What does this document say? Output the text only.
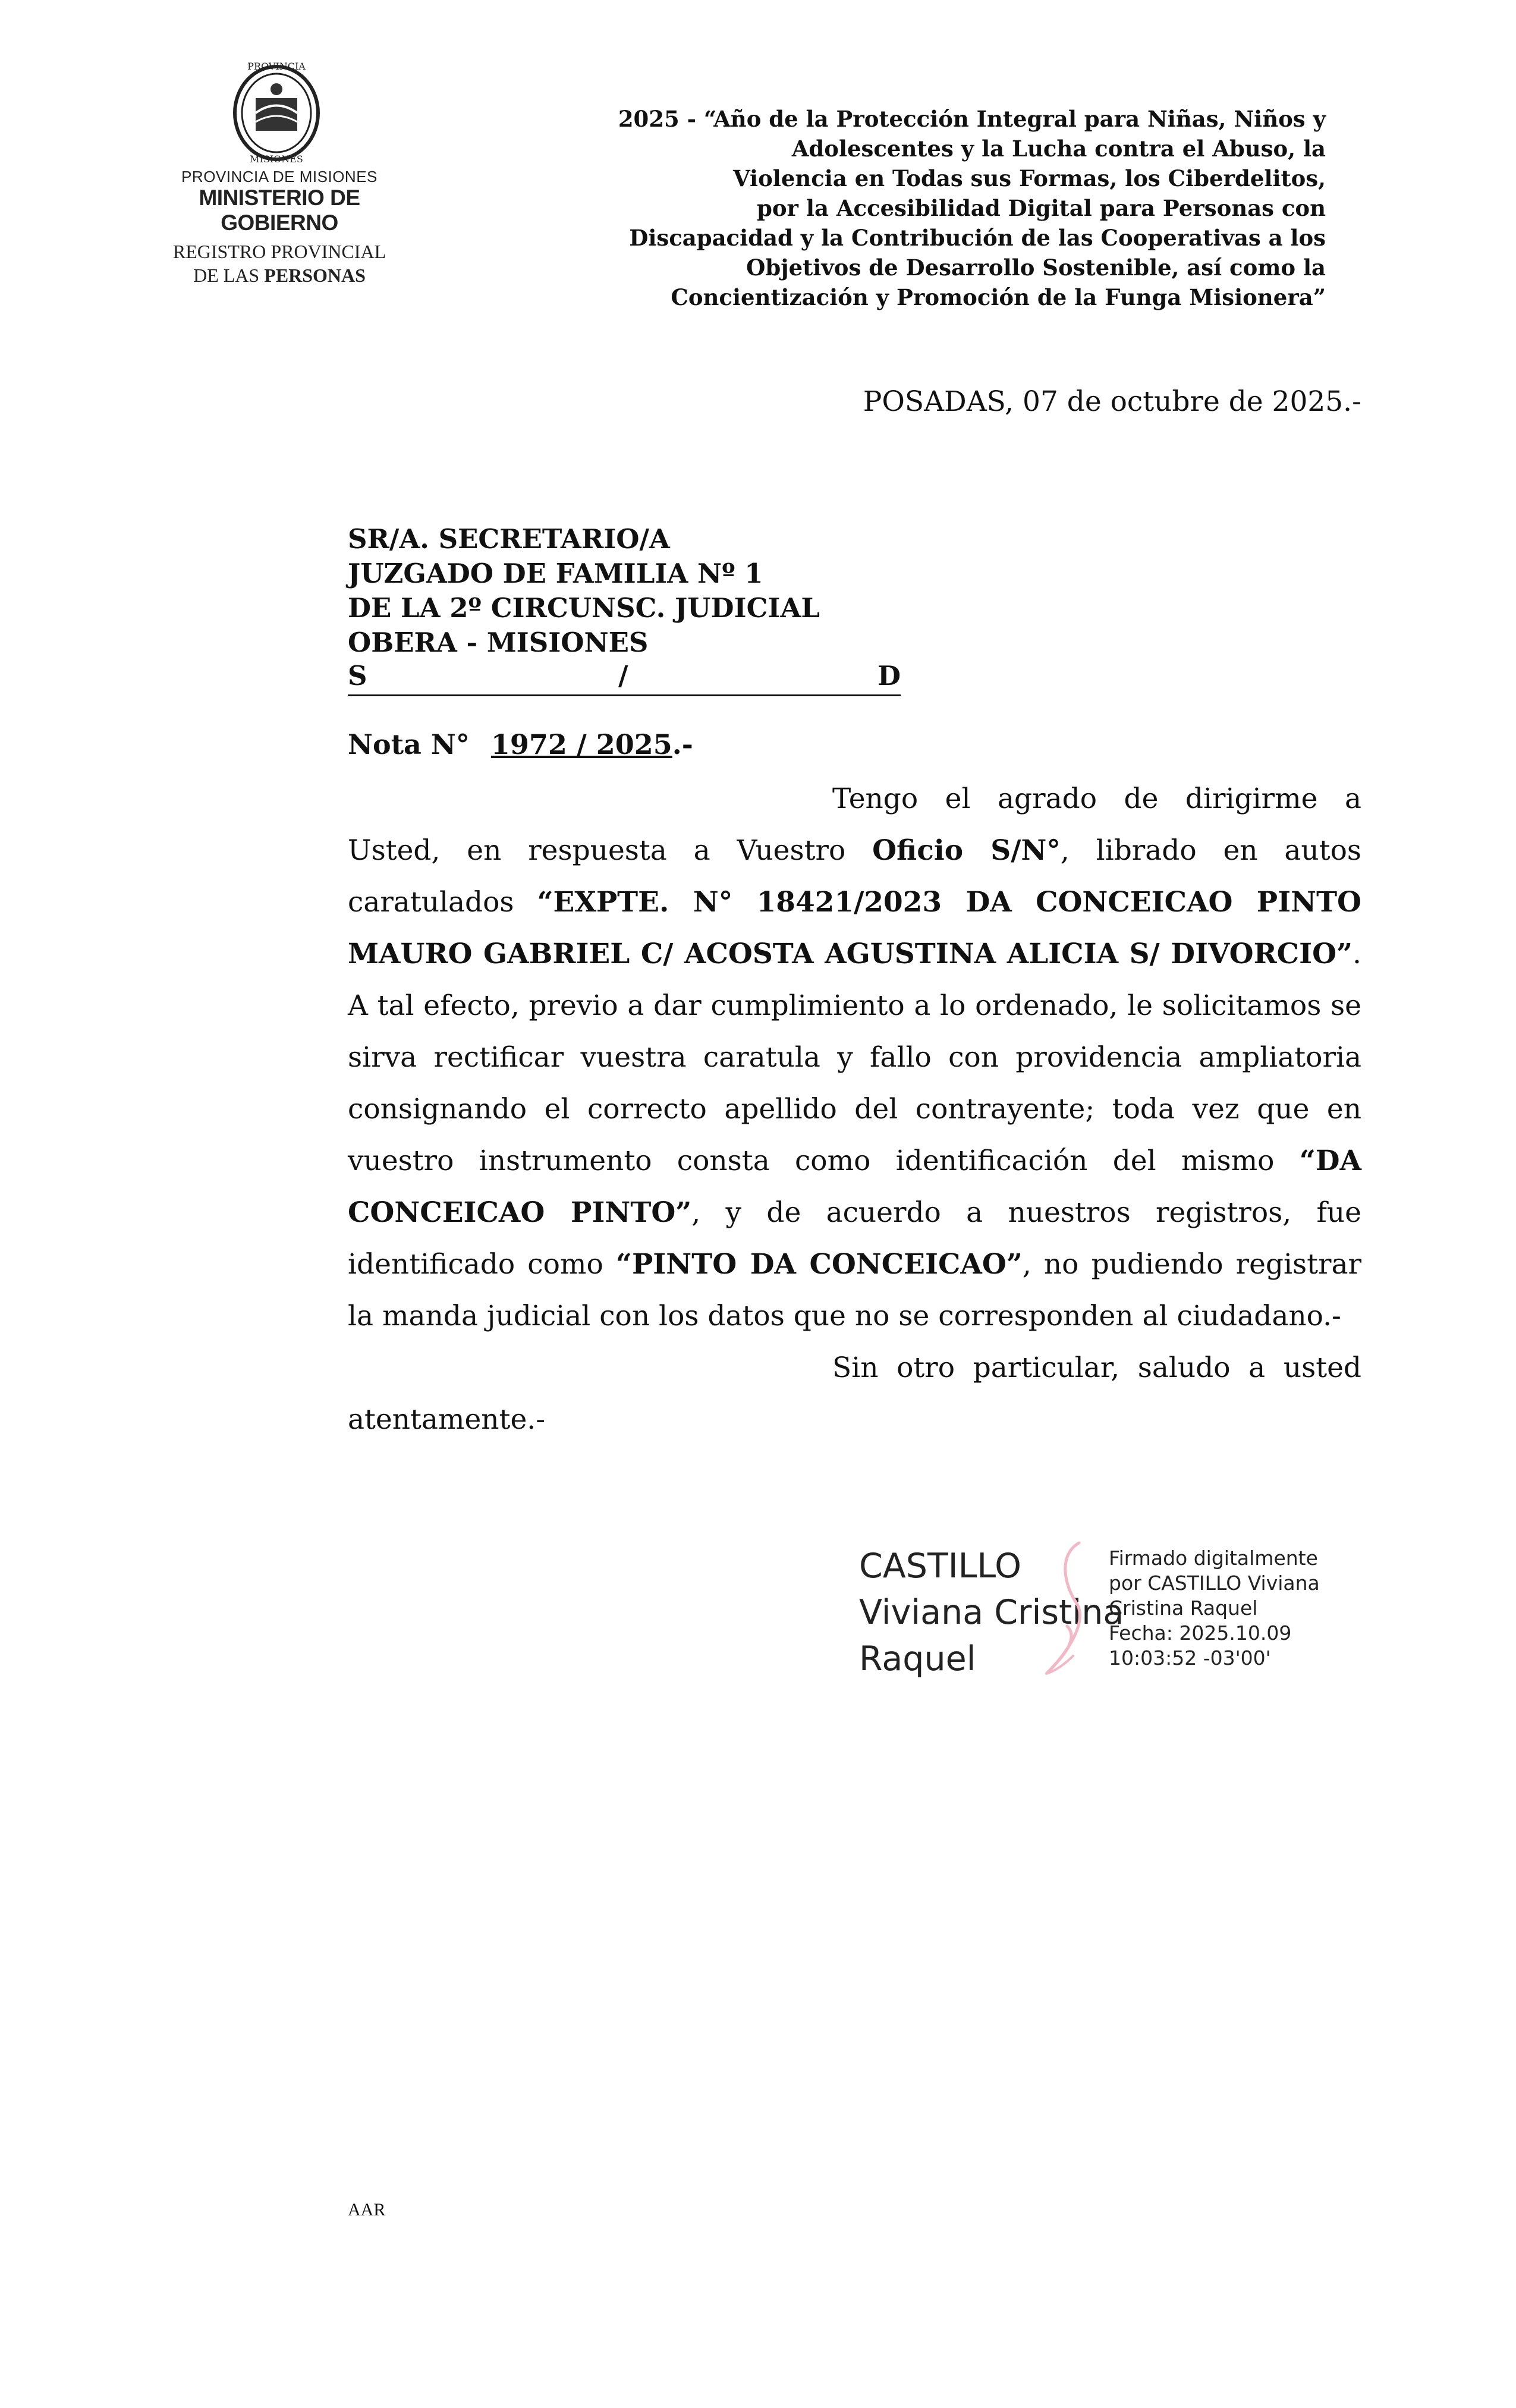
PROVINCIA
MISIONES
PROVINCIA DE MISIONES
MINISTERIO DE GOBIERNO
REGISTRO PROVINCIAL
DE LAS PERSONAS
2025 - “Año de la Protección Integral para Niñas, Niños y
Adolescentes y la Lucha contra el Abuso, la
Violencia en Todas sus Formas, los Ciberdelitos,
por la Accesibilidad Digital para Personas con
Discapacidad y la Contribución de las Cooperativas a los
Objetivos de Desarrollo Sostenible, así como la
Concientización y Promoción de la Funga Misionera”
POSADAS, 07 de octubre de 2025.-
SR/A. SECRETARIO/A
JUZGADO DE FAMILIA Nº 1
DE LA 2º CIRCUNSC. JUDICIAL
OBERA - MISIONES
S	/	D
Nota N° 1972 / 2025.-

Tengo el agrado de dirigirme a Usted, en respuesta a Vuestro Oficio S/N°, librado en autos caratulados “EXPTE. N° 18421/2023 DA CONCEICAO PINTO MAURO GABRIEL C/ ACOSTA AGUSTINA ALICIA S/ DIVORCIO”. A tal efecto, previo a dar cumplimiento a lo ordenado, le solicitamos se sirva rectificar vuestra caratula y fallo con providencia ampliatoria consignando el correcto apellido del contrayente; toda vez que en vuestro instrumento consta como identificación del mismo “DA CONCEICAO PINTO”, y de acuerdo a nuestros registros, fue identificado como “PINTO DA CONCEICAO”, no pudiendo registrar la manda judicial con los datos que no se corresponden al ciudadano.-

Sin otro particular, saludo a usted atentamente.-

CASTILLO
Viviana Cristina
Raquel
Firmado digitalmente
por CASTILLO Viviana
Cristina Raquel
Fecha: 2025.10.09
10:03:52 -03'00'
AAR
